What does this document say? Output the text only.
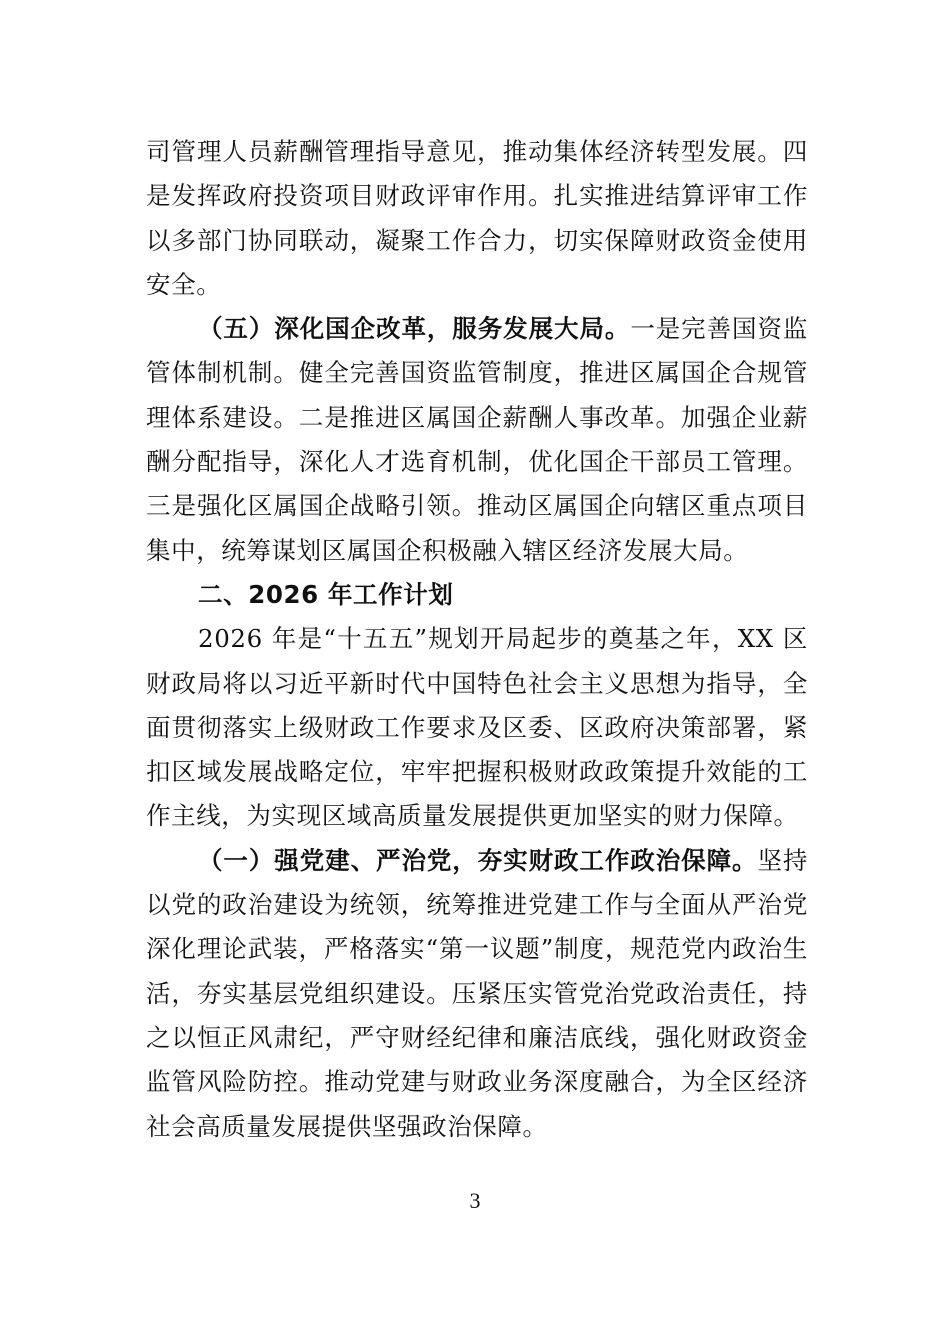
司管理人员薪酬管理指导意见，推动集体经济转型发展。四是发挥政府投资项目财政评审作用。扎实推进结算评审工作以多部门协同联动，凝聚工作合力，切实保障财政资金使用安全。

（五）深化国企改革，服务发展大局。一是完善国资监管体制机制。健全完善国资监管制度，推进区属国企合规管理体系建设。二是推进区属国企薪酬人事改革。加强企业薪酬分配指导，深化人才选育机制，优化国企干部员工管理。三是强化区属国企战略引领。推动区属国企向辖区重点项目集中，统筹谋划区属国企积极融入辖区经济发展大局。

二、2026 年工作计划

2026 年是“十五五”规划开局起步的奠基之年，XX 区财政局将以习近平新时代中国特色社会主义思想为指导，全面贯彻落实上级财政工作要求及区委、区政府决策部署，紧扣区域发展战略定位，牢牢把握积极财政政策提升效能的工作主线，为实现区域高质量发展提供更加坚实的财力保障。

（一）强党建、严治党，夯实财政工作政治保障。坚持以党的政治建设为统领，统筹推进党建工作与全面从严治党深化理论武装，严格落实“第一议题”制度，规范党内政治生活，夯实基层党组织建设。压紧压实管党治党政治责任，持之以恒正风肃纪，严守财经纪律和廉洁底线，强化财政资金监管风险防控。推动党建与财政业务深度融合，为全区经济社会高质量发展提供坚强政治保障。

3
